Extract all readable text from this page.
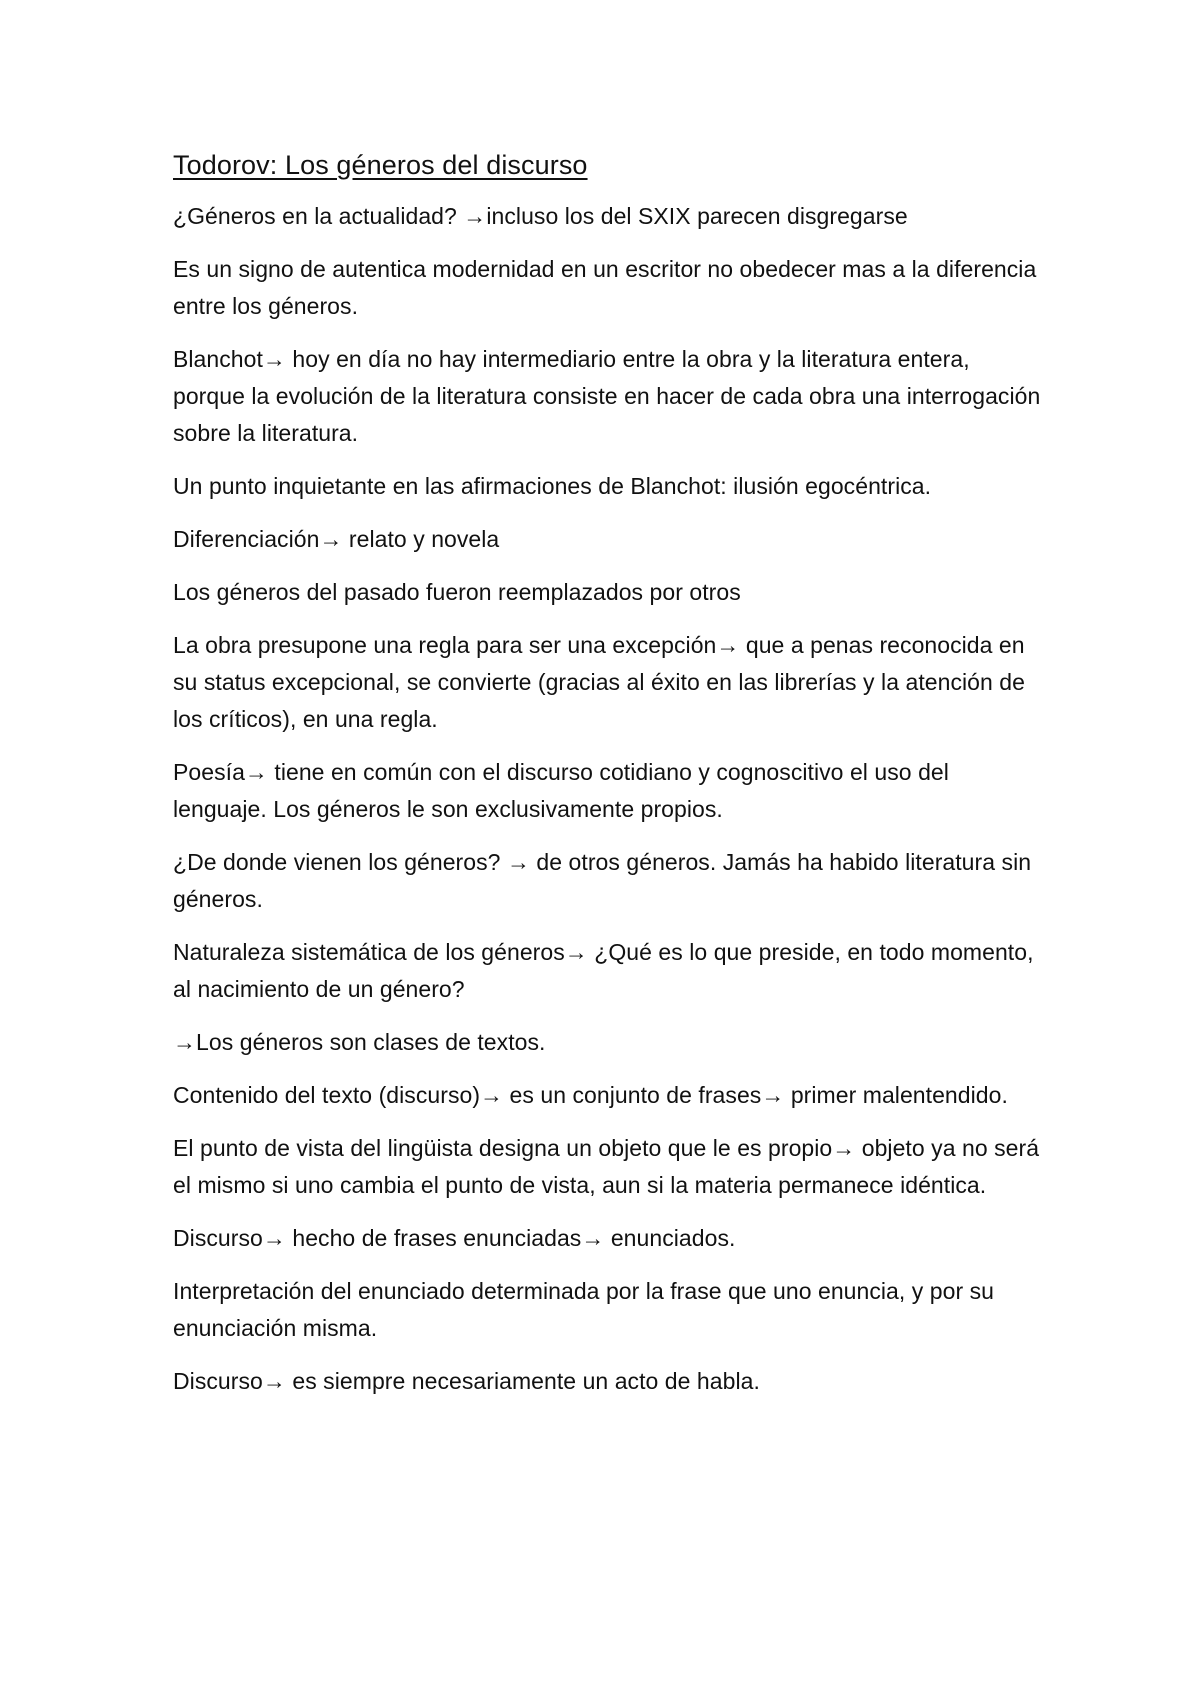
Todorov: Los géneros del discurso

¿Géneros en la actualidad? →incluso los del SXIX parecen disgregarse

Es un signo de autentica modernidad en un escritor no obedecer mas a la diferencia entre los géneros.

Blanchot→ hoy en día no hay intermediario entre la obra y la literatura entera, porque la evolución de la literatura consiste en hacer de cada obra una interrogación sobre la literatura.

Un punto inquietante en las afirmaciones de Blanchot: ilusión egocéntrica.

Diferenciación→ relato y novela

Los géneros del pasado fueron reemplazados por otros

La obra presupone una regla para ser una excepción→ que a penas reconocida en su status excepcional, se convierte (gracias al éxito en las librerías y la atención de los críticos), en una regla.

Poesía→ tiene en común con el discurso cotidiano y cognoscitivo el uso del lenguaje. Los géneros le son exclusivamente propios.

¿De donde vienen los géneros? → de otros géneros. Jamás ha habido literatura sin géneros.

Naturaleza sistemática de los géneros→ ¿Qué es lo que preside, en todo momento, al nacimiento de un género?

→Los géneros son clases de textos.

Contenido del texto (discurso)→ es un conjunto de frases→ primer malentendido.

El punto de vista del lingüista designa un objeto que le es propio→ objeto ya no será el mismo si uno cambia el punto de vista, aun si la materia permanece idéntica.

Discurso→ hecho de frases enunciadas→ enunciados.

Interpretación del enunciado determinada por la frase que uno enuncia, y por su enunciación misma.

Discurso→ es siempre necesariamente un acto de habla.
